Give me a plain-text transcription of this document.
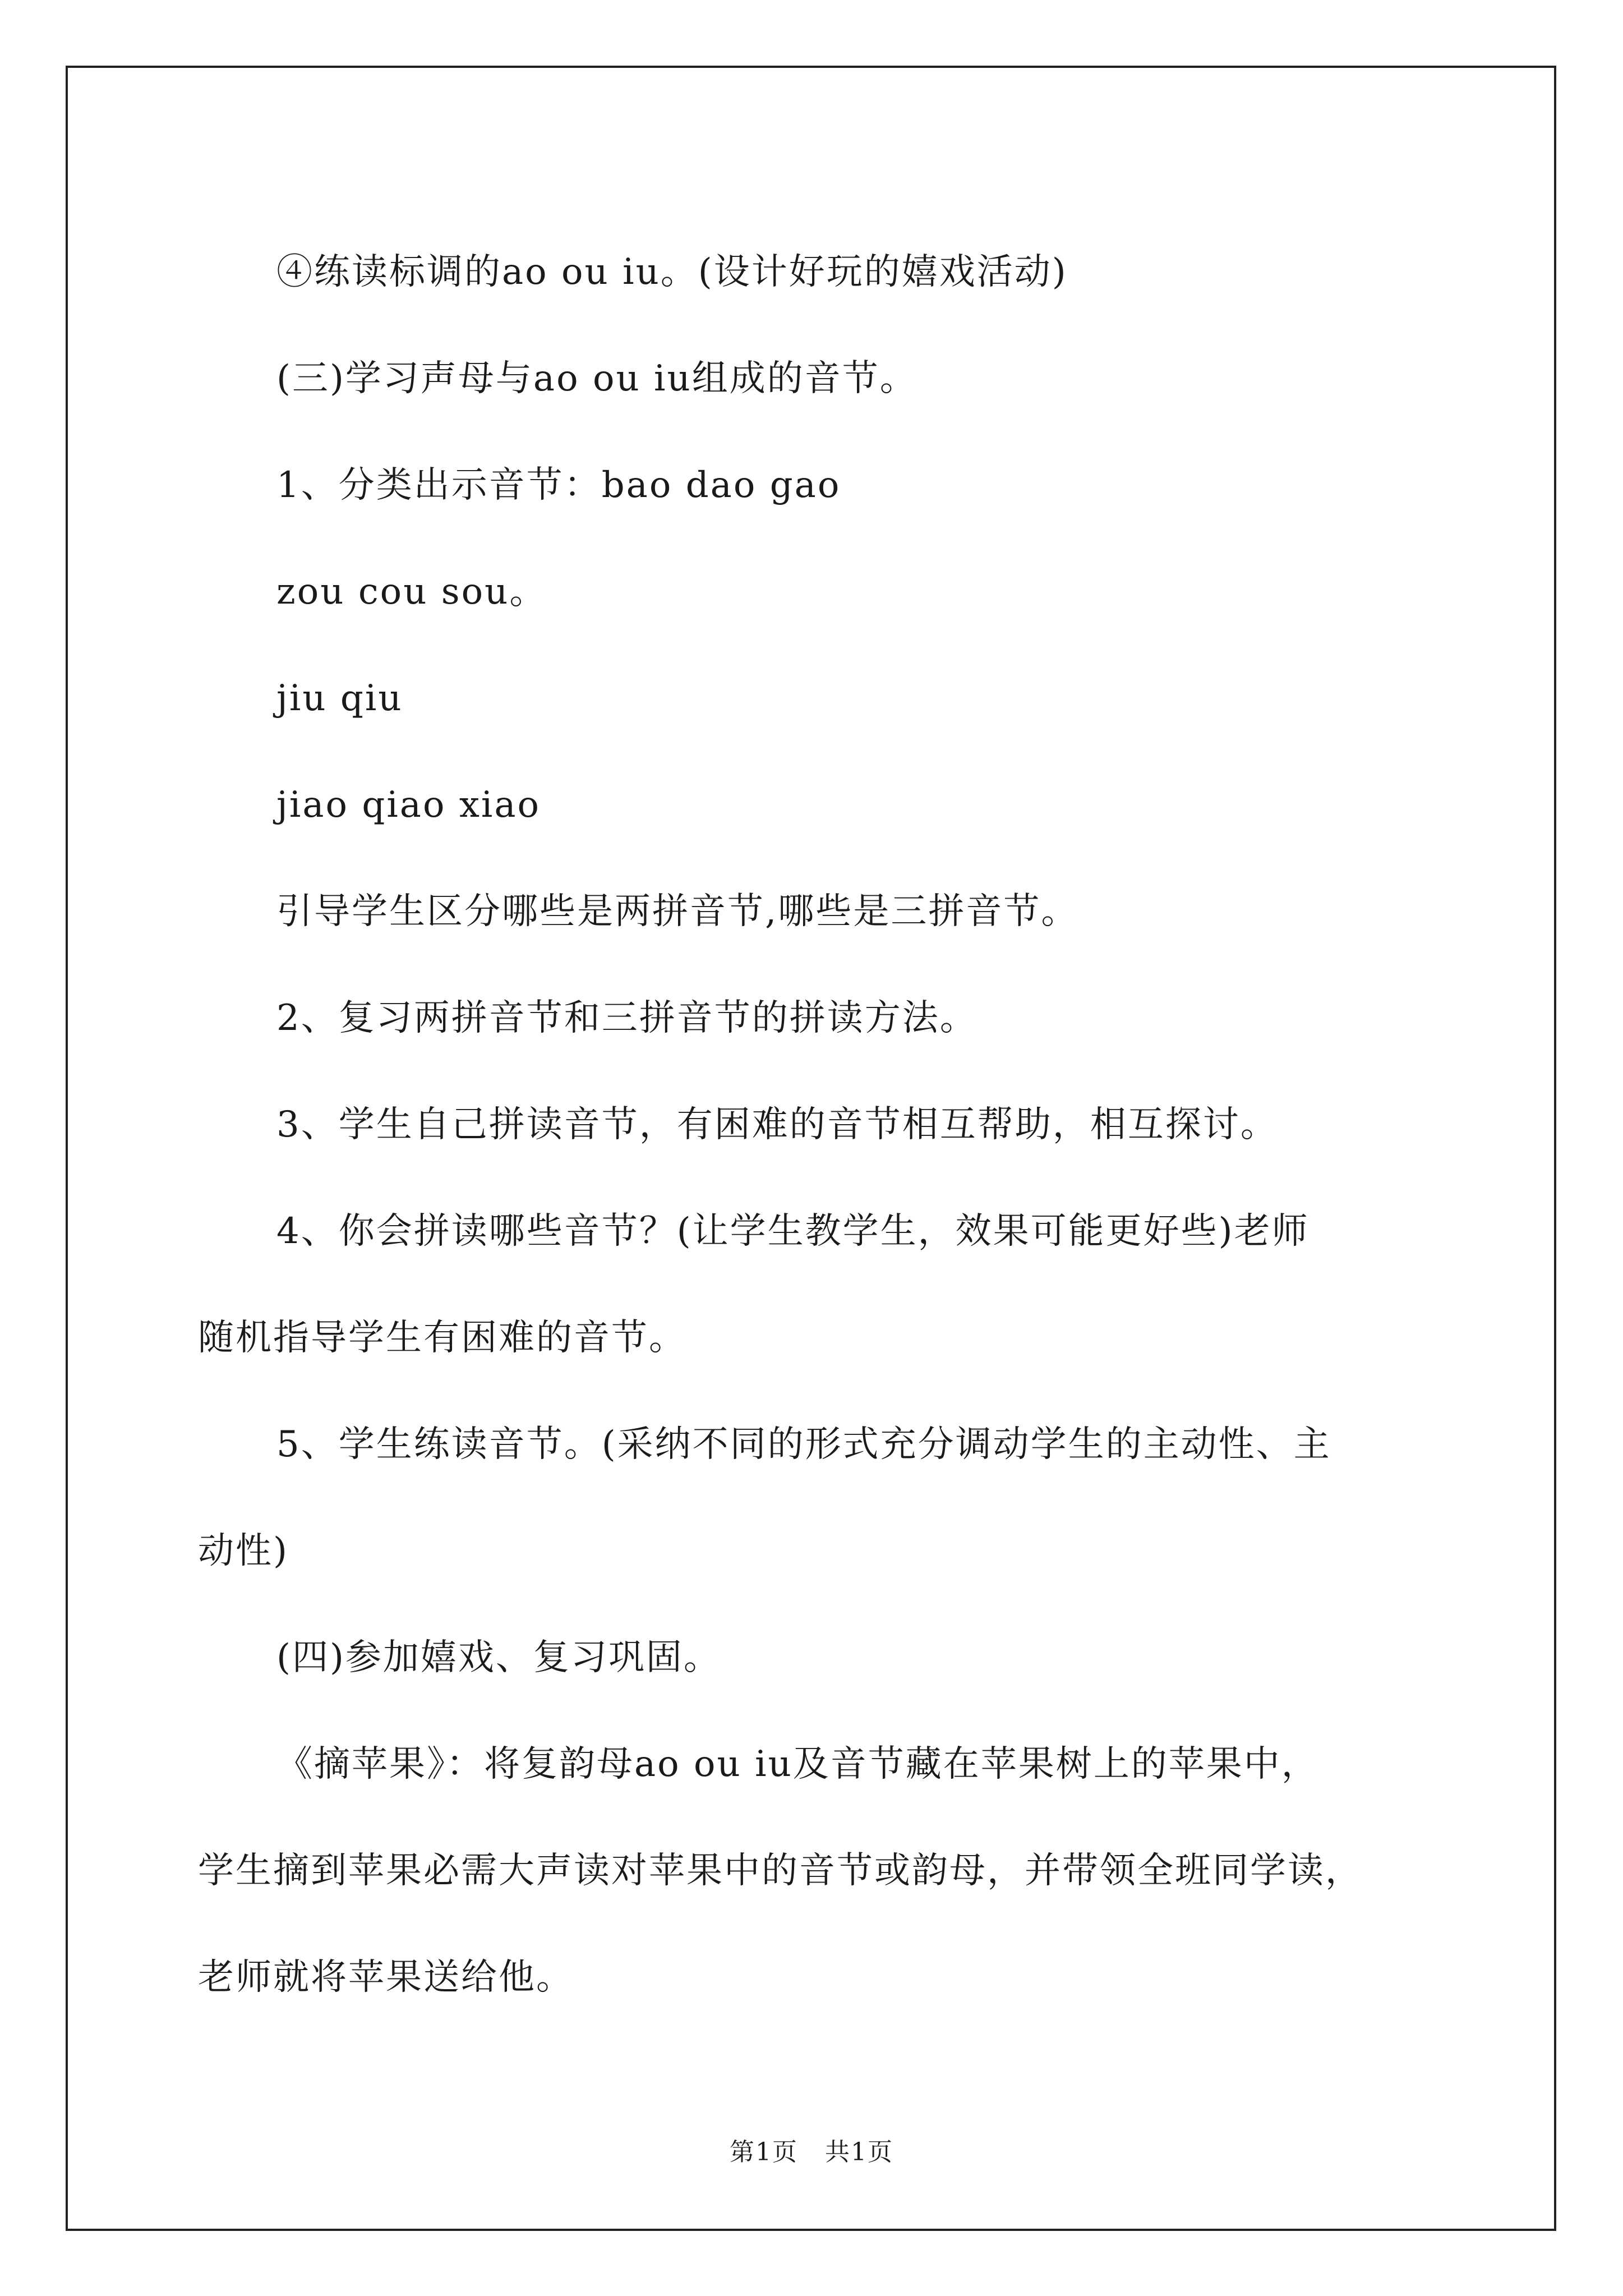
④练读标调的ao ou iu。(设计好玩的嬉戏活动)

(三)学习声母与ao ou iu组成的音节。

1、分类出示音节：bao dao gao

zou cou sou。

jiu qiu

jiao qiao xiao

引导学生区分哪些是两拼音节,哪些是三拼音节。

2、复习两拼音节和三拼音节的拼读方法。

3、学生自己拼读音节，有困难的音节相互帮助，相互探讨。

4、你会拼读哪些音节？(让学生教学生，效果可能更好些)老师

随机指导学生有困难的音节。

5、学生练读音节。(采纳不同的形式充分调动学生的主动性、主

动性)

(四)参加嬉戏、复习巩固。

《摘苹果》：将复韵母ao ou iu及音节藏在苹果树上的苹果中，

学生摘到苹果必需大声读对苹果中的音节或韵母，并带领全班同学读，

老师就将苹果送给他。

第1页 共1页
